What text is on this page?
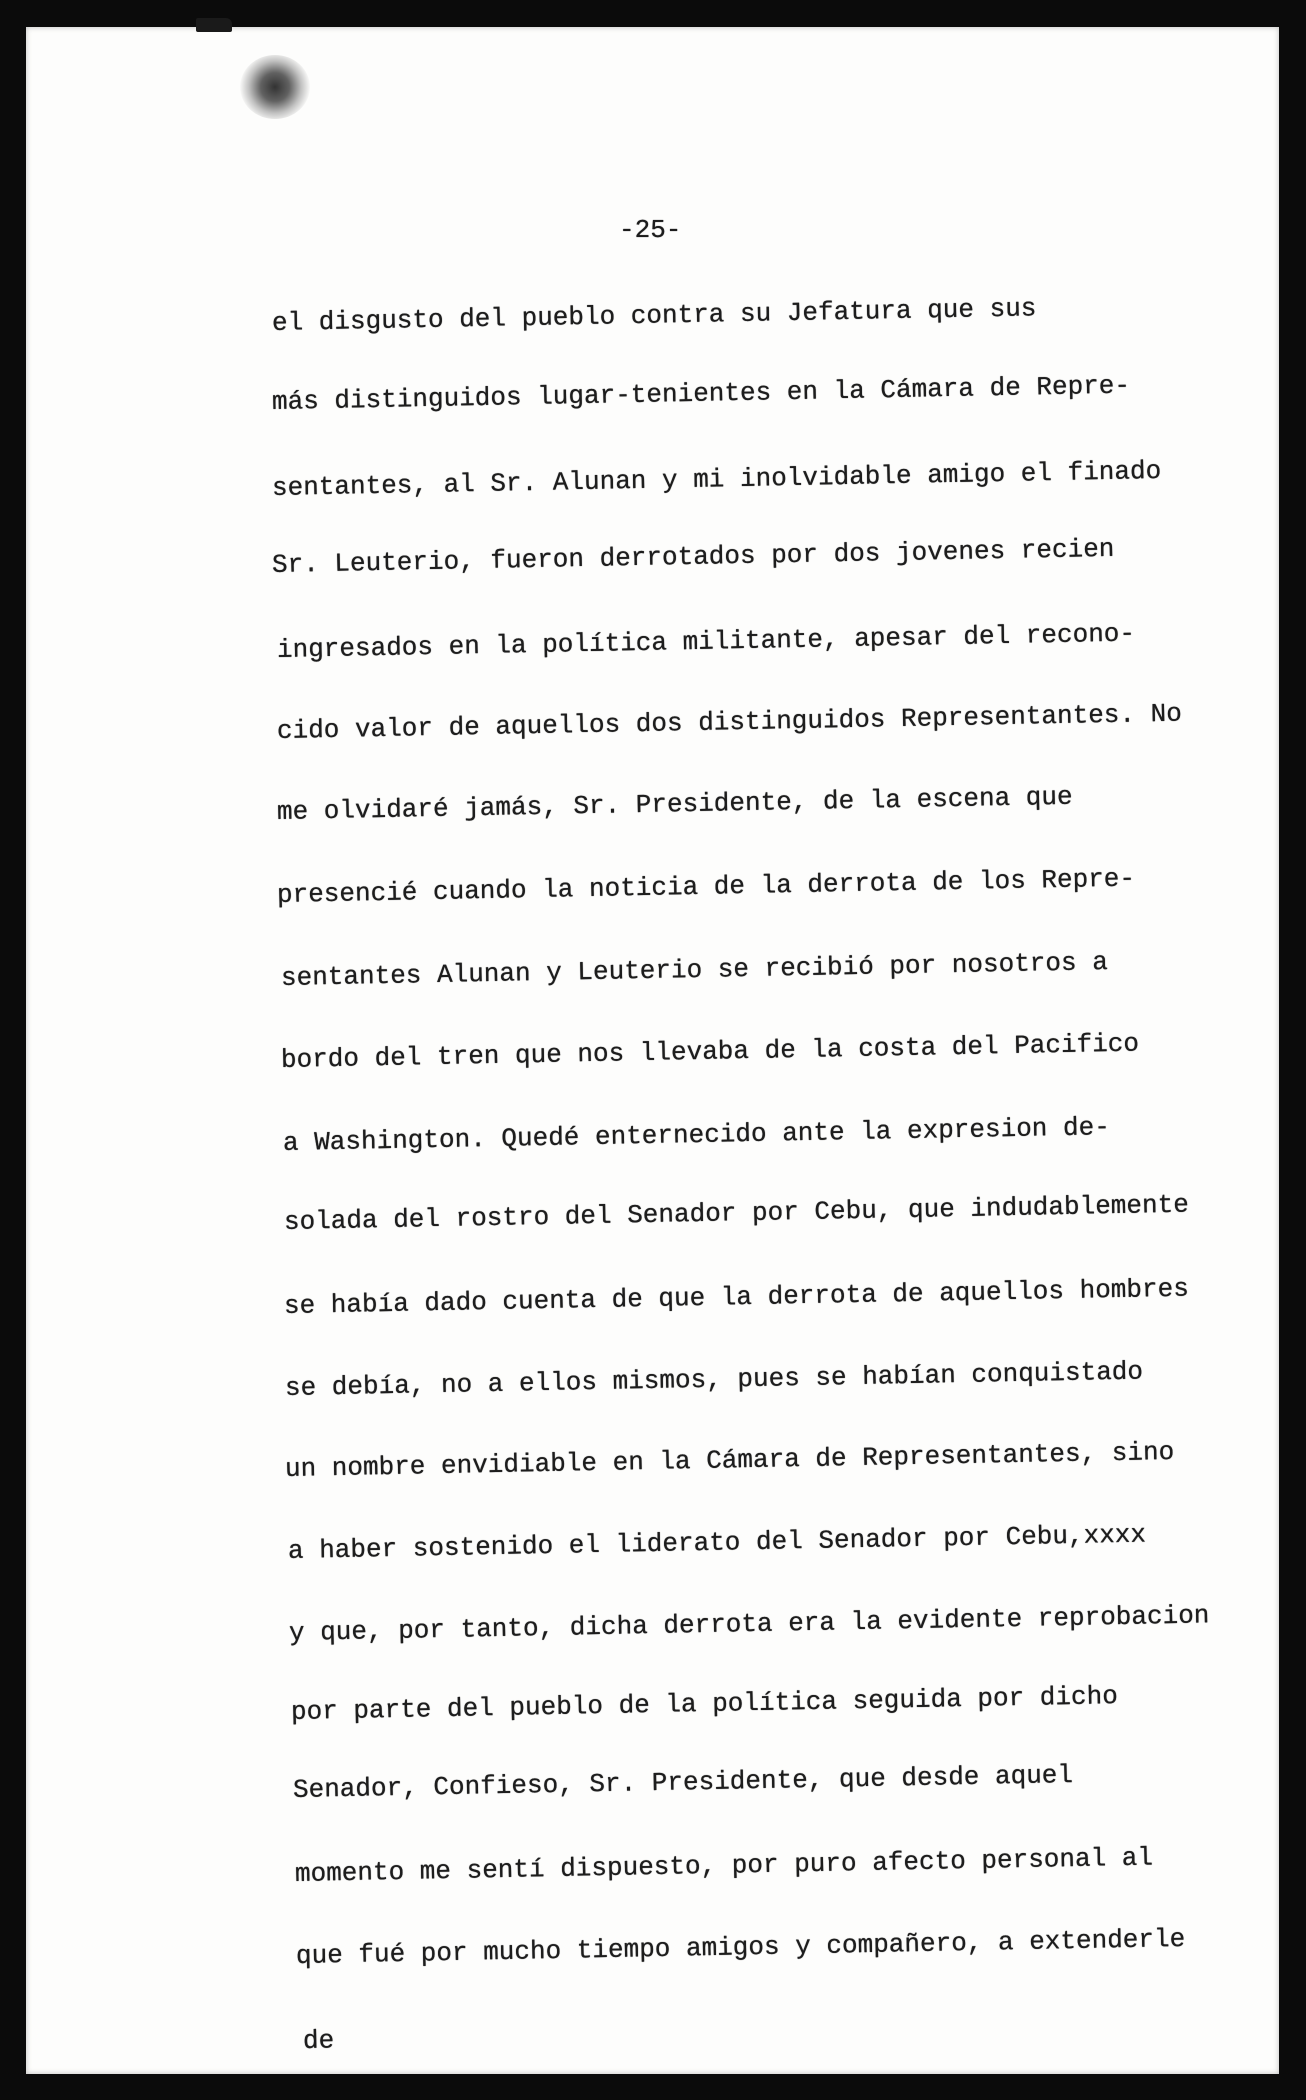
-25-
el disgusto del pueblo contra su Jefatura que sus
más distinguidos lugar-tenientes en la Cámara de Repre-
sentantes, al Sr. Alunan y mi inolvidable amigo el finado
Sr. Leuterio, fueron derrotados por dos jovenes recien
ingresados en la política militante, apesar del recono-
cido valor de aquellos dos distinguidos Representantes. No
me olvidaré jamás, Sr. Presidente, de la escena que
presencié cuando la noticia de la derrota de los Repre-
sentantes Alunan y Leuterio se recibió por nosotros a
bordo del tren que nos llevaba de la costa del Pacifico
a Washington. Quedé enternecido ante la expresion de-
solada del rostro del Senador por Cebu, que indudablemente
se había dado cuenta de que la derrota de aquellos hombres
se debía, no a ellos mismos, pues se habían conquistado
un nombre envidiable en la Cámara de Representantes, sino
a haber sostenido el liderato del Senador por Cebu,xxxx
y que, por tanto, dicha derrota era la evidente reprobacion
por parte del pueblo de la política seguida por dicho
Senador, Confieso, Sr. Presidente, que desde aquel
momento me sentí dispuesto, por puro afecto personal al
que fué por mucho tiempo amigos y compañero, a extenderle
de
